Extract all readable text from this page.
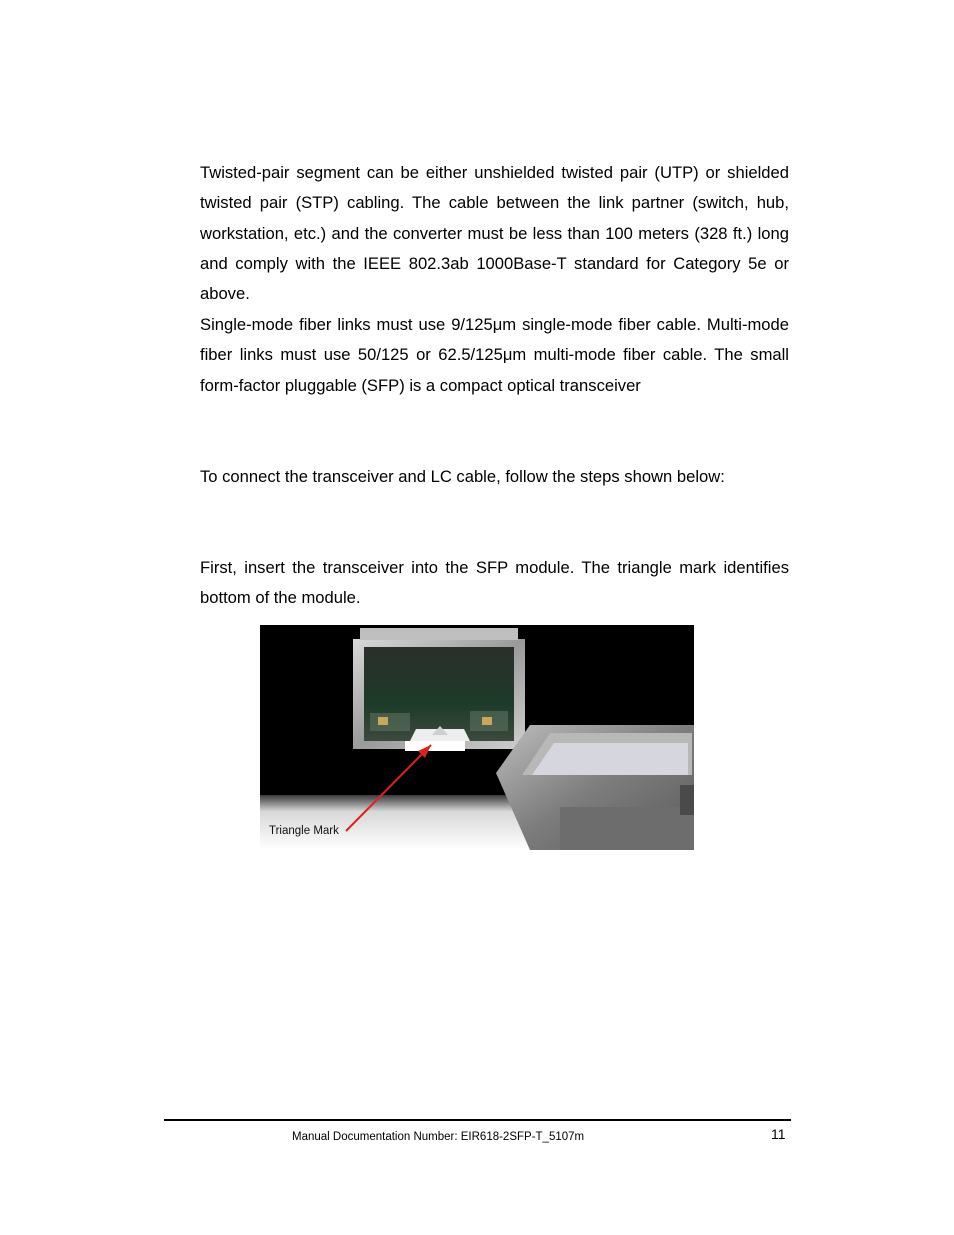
Twisted-pair segment can be either unshielded twisted pair (UTP) or shielded twisted pair (STP) cabling. The cable between the link partner (switch, hub, workstation, etc.) and the converter must be less than 100 meters (328 ft.) long and comply with the IEEE 802.3ab 1000Base-T standard for Category 5e or above.

Single-mode fiber links must use 9/125μm single-mode fiber cable. Multi-mode fiber links must use 50/125 or 62.5/125μm multi-mode fiber cable. The small form-factor pluggable (SFP) is a compact optical transceiver

To connect the transceiver and LC cable, follow the steps shown below:

First, insert the transceiver into the SFP module. The triangle mark identifies bottom of the module.

Triangle Mark
Manual Documentation Number: EIR618-2SFP-T_5107m	11
